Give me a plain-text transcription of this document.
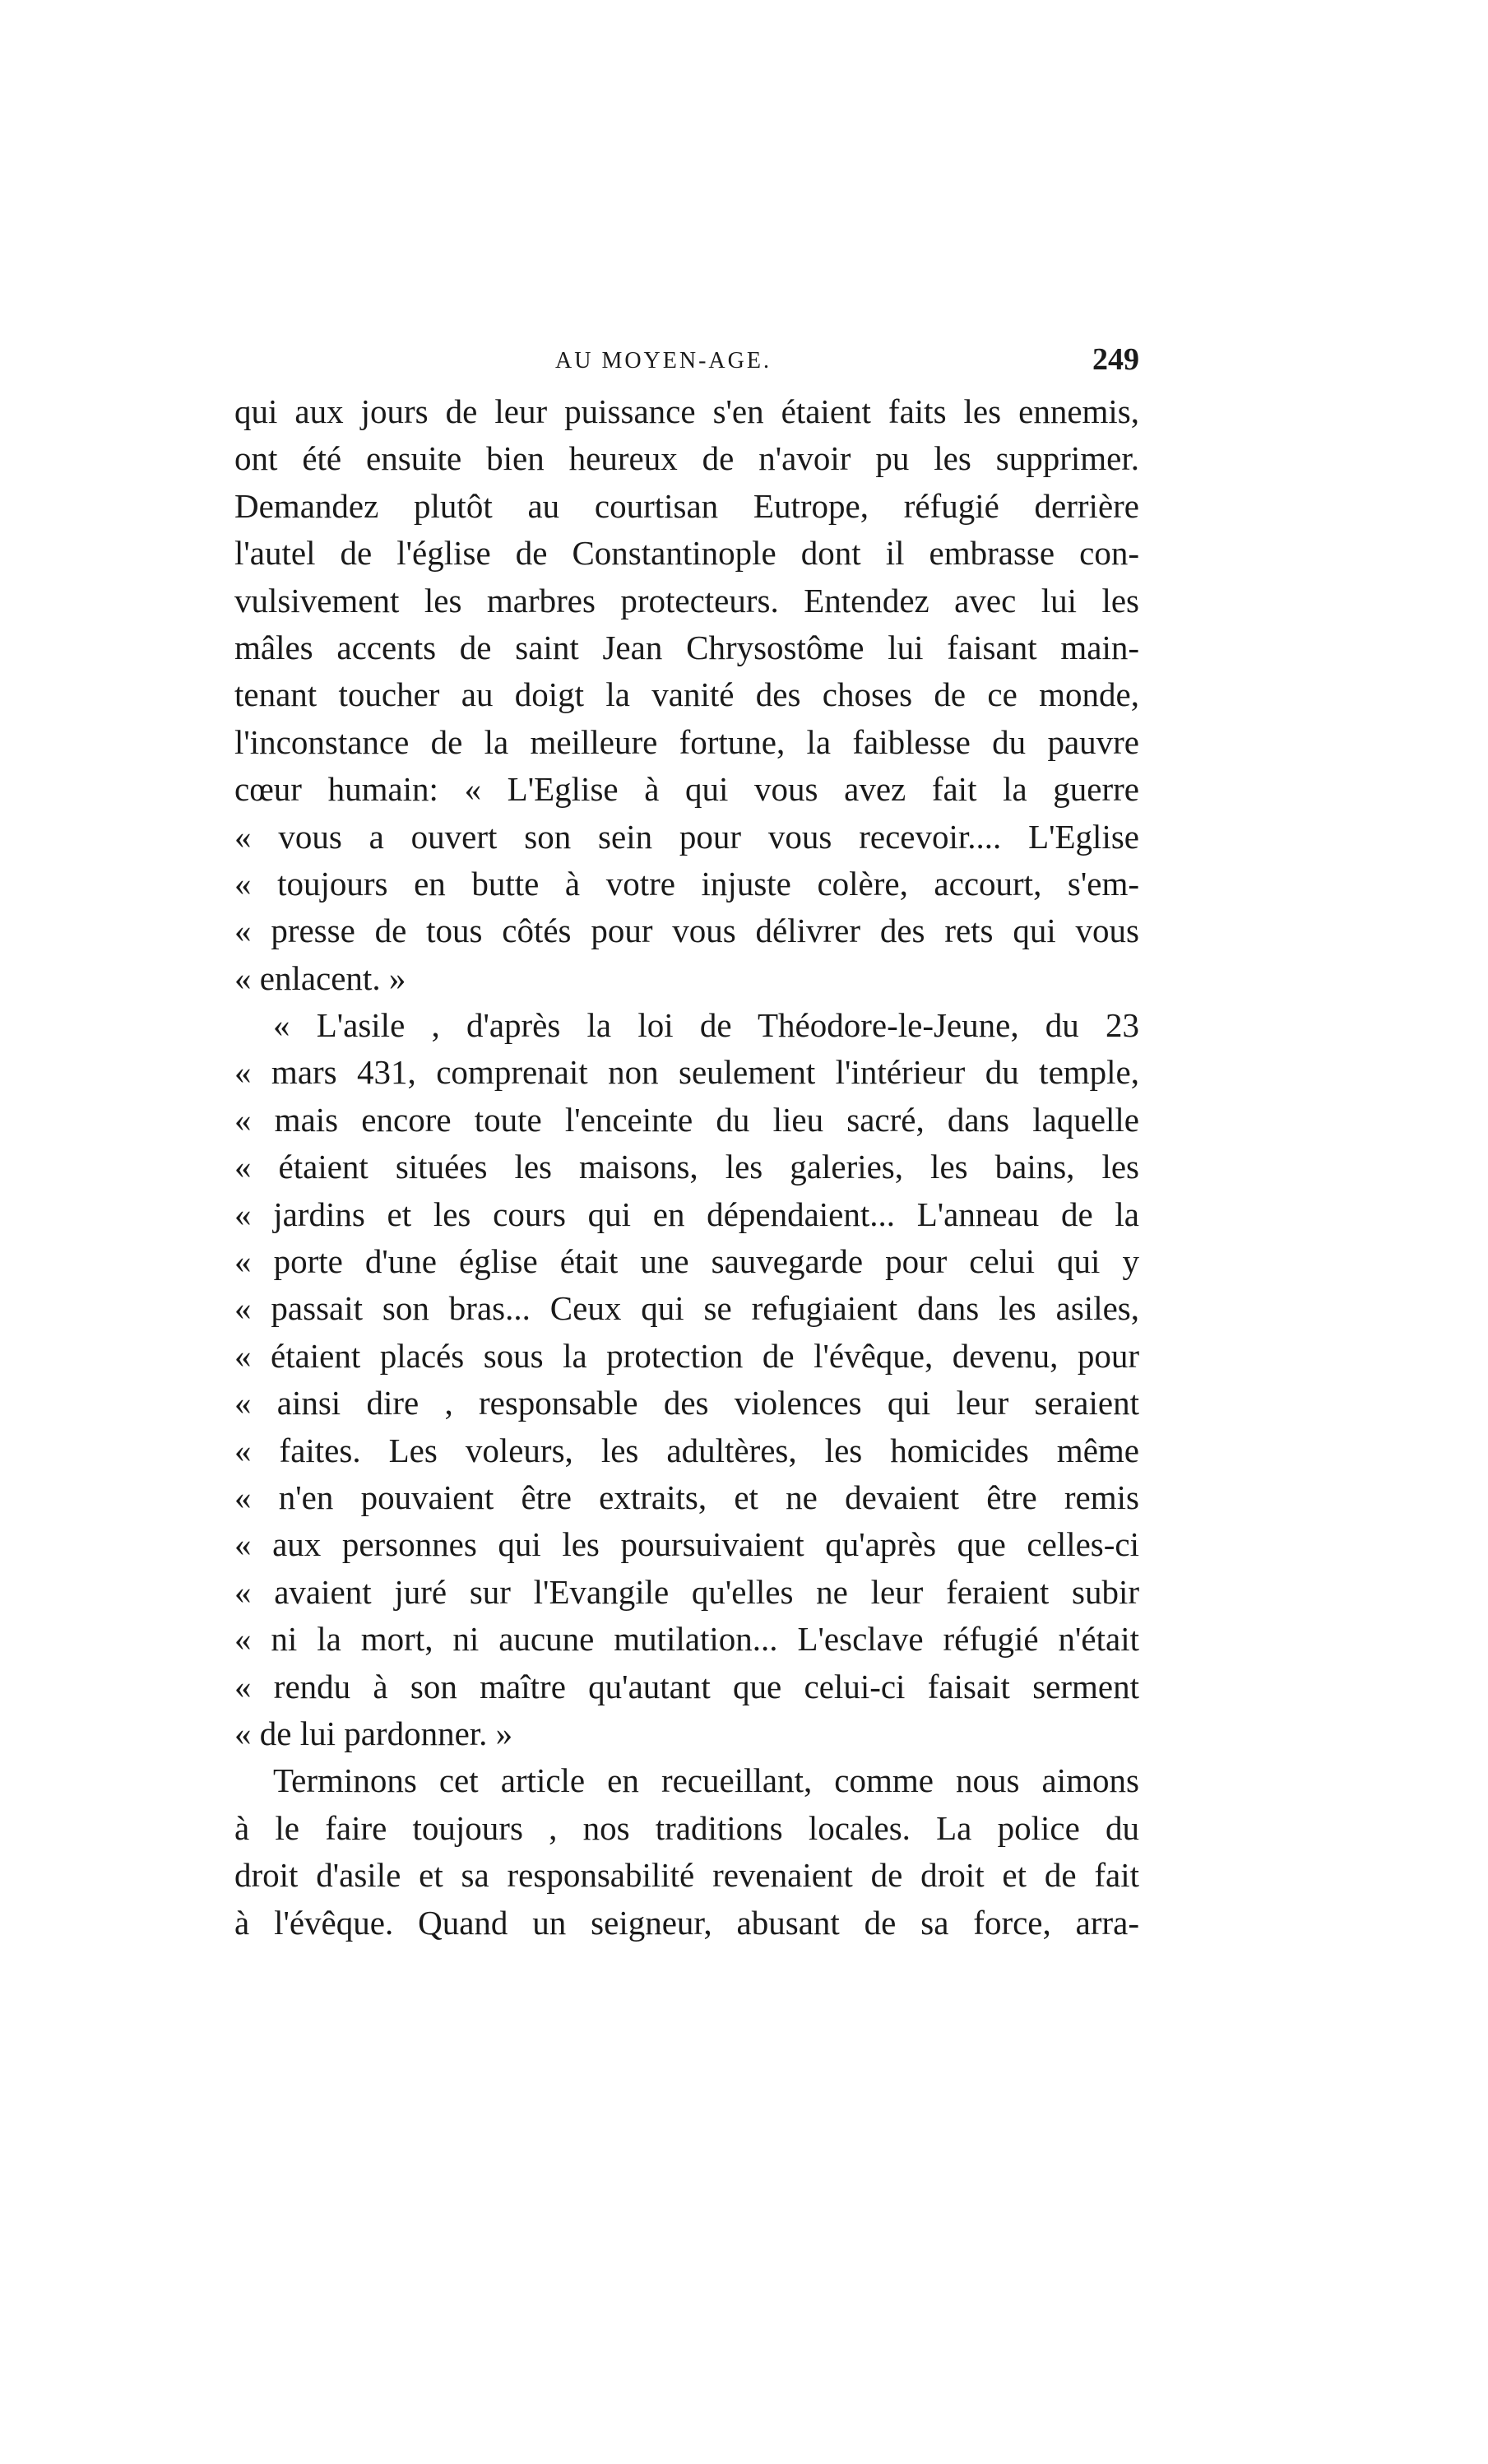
AU MOYEN-AGE.	249
qui aux jours de leur puissance s'en étaient faits les ennemis,
ont été ensuite bien heureux de n'avoir pu les supprimer.
Demandez plutôt au courtisan Eutrope, réfugié derrière
l'autel de l'église de Constantinople dont il embrasse con-
vulsivement les marbres protecteurs. Entendez avec lui les
mâles accents de saint Jean Chrysostôme lui faisant main-
tenant toucher au doigt la vanité des choses de ce monde,
l'inconstance de la meilleure fortune, la faiblesse du pauvre
cœur humain: « L'Eglise à qui vous avez fait la guerre
« vous a ouvert son sein pour vous recevoir.... L'Eglise
« toujours en butte à votre injuste colère, accourt, s'em-
« presse de tous côtés pour vous délivrer des rets qui vous
« enlacent. »
« L'asile , d'après la loi de Théodore-le-Jeune, du 23
« mars 431, comprenait non seulement l'intérieur du temple,
« mais encore toute l'enceinte du lieu sacré, dans laquelle
« étaient situées les maisons, les galeries, les bains, les
« jardins et les cours qui en dépendaient... L'anneau de la
« porte d'une église était une sauvegarde pour celui qui y
« passait son bras... Ceux qui se refugiaient dans les asiles,
« étaient placés sous la protection de l'évêque, devenu, pour
« ainsi dire , responsable des violences qui leur seraient
« faites. Les voleurs, les adultères, les homicides même
« n'en pouvaient être extraits, et ne devaient être remis
« aux personnes qui les poursuivaient qu'après que celles-ci
« avaient juré sur l'Evangile qu'elles ne leur feraient subir
« ni la mort, ni aucune mutilation... L'esclave réfugié n'était
« rendu à son maître qu'autant que celui-ci faisait serment
« de lui pardonner. »
Terminons cet article en recueillant, comme nous aimons
à le faire toujours , nos traditions locales. La police du
droit d'asile et sa responsabilité revenaient de droit et de fait
à l'évêque. Quand un seigneur, abusant de sa force, arra-
